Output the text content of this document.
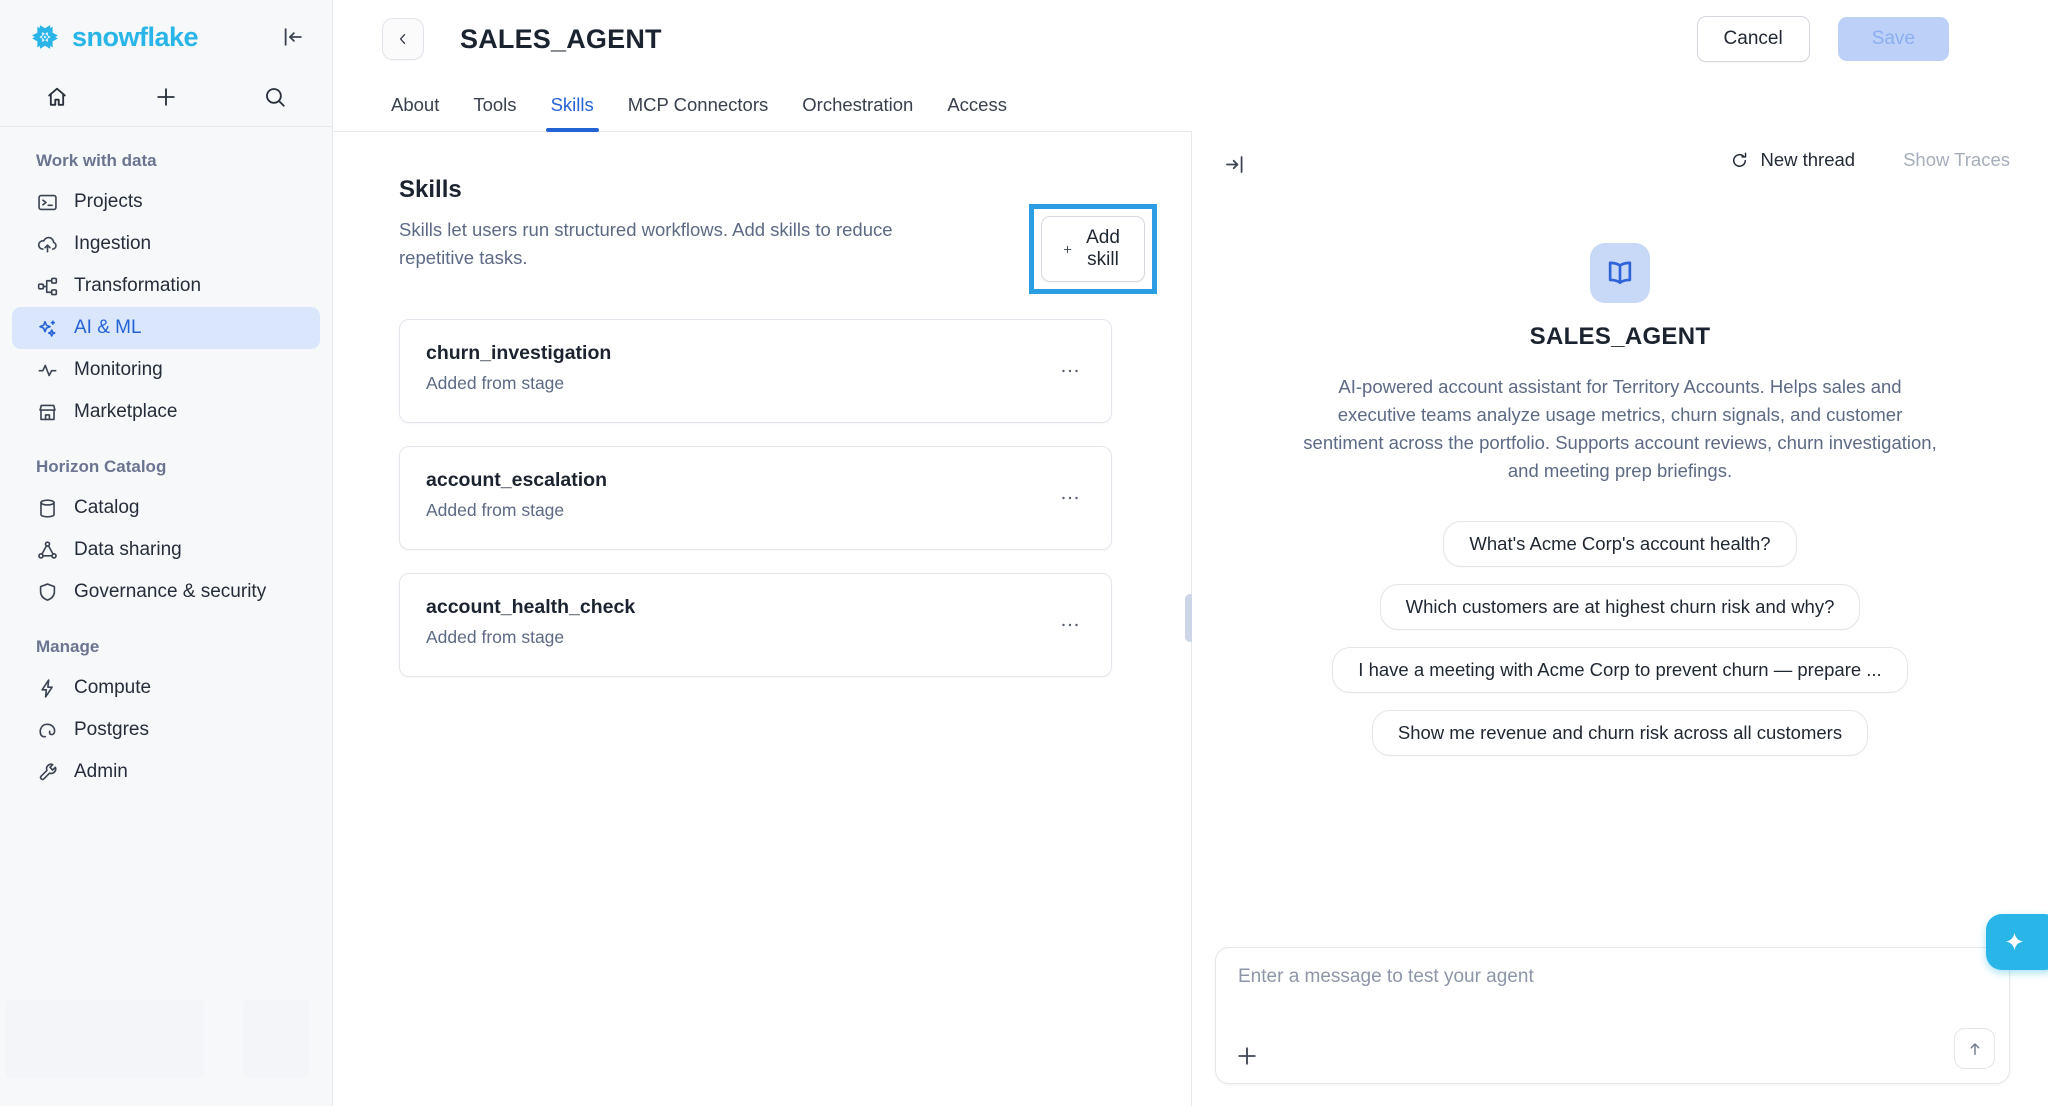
snowflake
Work with data
Projects
Ingestion
Transformation
AI & ML
Monitoring
Marketplace
Horizon Catalog
Catalog
Data sharing
Governance & security
Manage
Compute
Postgres
Admin
SALES_AGENT	Cancel	Save
About Tools Skills MCP Connectors Orchestration Access
Skills
Skills let users run structured workflows. Add skills to reduce repetitive tasks.
Add skill
churn_investigation
Added from stage
account_escalation
Added from stage
account_health_check
Added from stage
New thread	Show Traces
SALES_AGENT
AI-powered account assistant for Territory Accounts. Helps sales and executive teams analyze usage metrics, churn signals, and customer sentiment across the portfolio. Supports account reviews, churn investigation, and meeting prep briefings.
What's Acme Corp's account health?
Which customers are at highest churn risk and why?
I have a meeting with Acme Corp to prevent churn — prepare ...
Show me revenue and churn risk across all customers
Enter a message to test your agent
